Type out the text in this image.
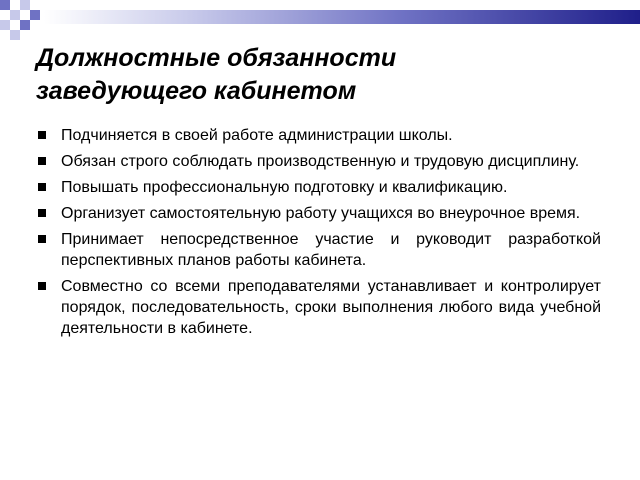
Должностные обязанности
заведующего кабинетом
Подчиняется в своей работе администрации школы.
Обязан строго соблюдать производственную и трудовую дисциплину.
Повышать профессиональную подготовку и квалификацию.
Организует самостоятельную работу учащихся во внеурочное время.
Принимает непосредственное участие и руководит разработкой перспективных планов работы кабинета.
Совместно со всеми преподавателями устанавливает и контролирует порядок, последовательность, сроки выполнения любого вида учебной деятельности в кабинете.
